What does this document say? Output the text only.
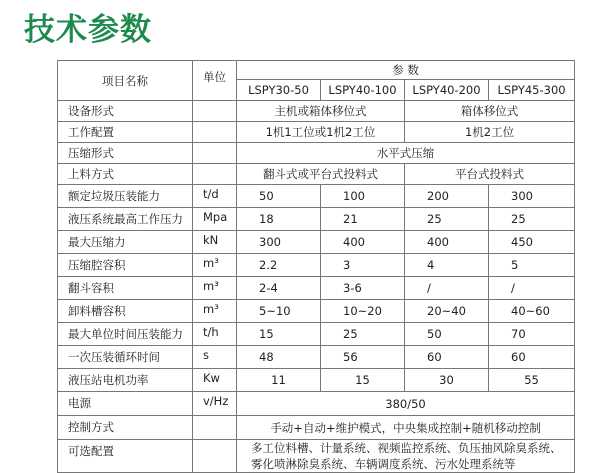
技术参数
项目名称	单位	参 数			
		LSPY30-50	LSPY40-100	LSPY40-200	LSPY45-300
设备形式		主机或箱体移位式		箱体移位式	
工作配置		1机1工位或1机2工位		1机2工位	
压缩形式		水平式压缩			
上料方式		翻斗式或平台式投料式		平台式投料式	
额定垃圾压装能力	t/d	50	100	200	300
液压系统最高工作压力	Mpa	18	21	25	25
最大压缩力	kN	300	400	400	450
压缩腔容积	m³	2.2	3	4	5
翻斗容积	m³	2-4	3-6	/	/
卸料槽容积	m³	5~10	10~20	20~40	40~60
最大单位时间压装能力	t/h	15	25	50	70
一次压装循环时间	s	48	56	60	60
液压站电机功率	Kw	11	15	30	55
电源	v/Hz	380/50			
控制方式		手动+自动+维护模式，中央集成控制+随机移动控制			
可选配置		多工位料槽、计量系统、视频监控系统、负压抽风除臭系统、
雾化喷淋除臭系统、车辆调度系统、污水处理系统等			
